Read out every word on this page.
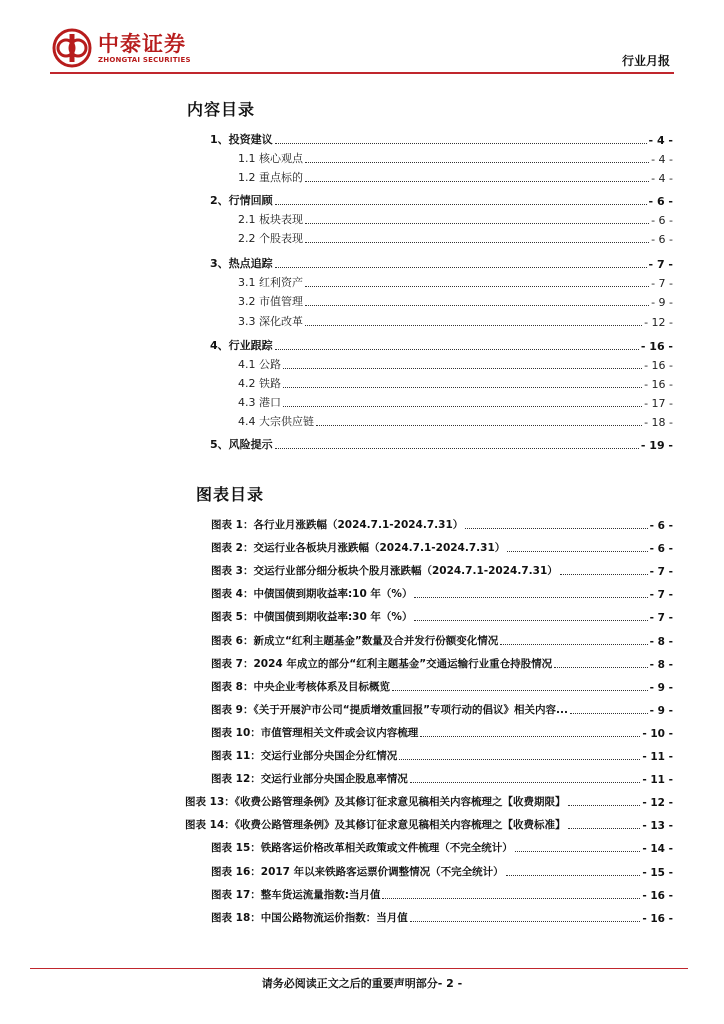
中泰证券
ZHONGTAI SECURITIES	行业月报
内容目录
1、投资建议	- 4 -
1.1 核心观点	- 4 -
1.2 重点标的	- 4 -
2、行情回顾	- 6 -
2.1 板块表现	- 6 -
2.2 个股表现	- 6 -
3、热点追踪	- 7 -
3.1 红利资产	- 7 -
3.2 市值管理	- 9 -
3.3 深化改革	- 12 -
4、行业跟踪	- 16 -
4.1 公路	- 16 -
4.2 铁路	- 16 -
4.3 港口	- 17 -
4.4 大宗供应链	- 18 -
5、风险提示	- 19 -
图表目录
图表 1：各行业月涨跌幅（2024.7.1-2024.7.31）	- 6 -
图表 2：交运行业各板块月涨跌幅（2024.7.1-2024.7.31）	- 6 -
图表 3：交运行业部分细分板块个股月涨跌幅（2024.7.1-2024.7.31）	- 7 -
图表 4：中债国债到期收益率:10 年（%）	- 7 -
图表 5：中债国债到期收益率:30 年（%）	- 7 -
图表 6：新成立“红利主题基金”数量及合并发行份额变化情况	- 8 -
图表 7：2024 年成立的部分“红利主题基金”交通运输行业重仓持股情况	- 8 -
图表 8：中央企业考核体系及目标概览	- 9 -
图表 9：《关于开展沪市公司“提质增效重回报”专项行动的倡议》相关内容...	- 9 -
图表 10：市值管理相关文件或会议内容梳理	- 10 -
图表 11：交运行业部分央国企分红情况	- 11 -
图表 12：交运行业部分央国企股息率情况	- 11 -
图表 13：《收费公路管理条例》及其修订征求意见稿相关内容梳理之【收费期限】	- 12 -
图表 14：《收费公路管理条例》及其修订征求意见稿相关内容梳理之【收费标准】	- 13 -
图表 15：铁路客运价格改革相关政策或文件梳理（不完全统计）	- 14 -
图表 16：2017 年以来铁路客运票价调整情况（不完全统计）	- 15 -
图表 17：整车货运流量指数:当月值	- 16 -
图表 18：中国公路物流运价指数：当月值	- 16 -
请务必阅读正文之后的重要声明部分- 2 -
